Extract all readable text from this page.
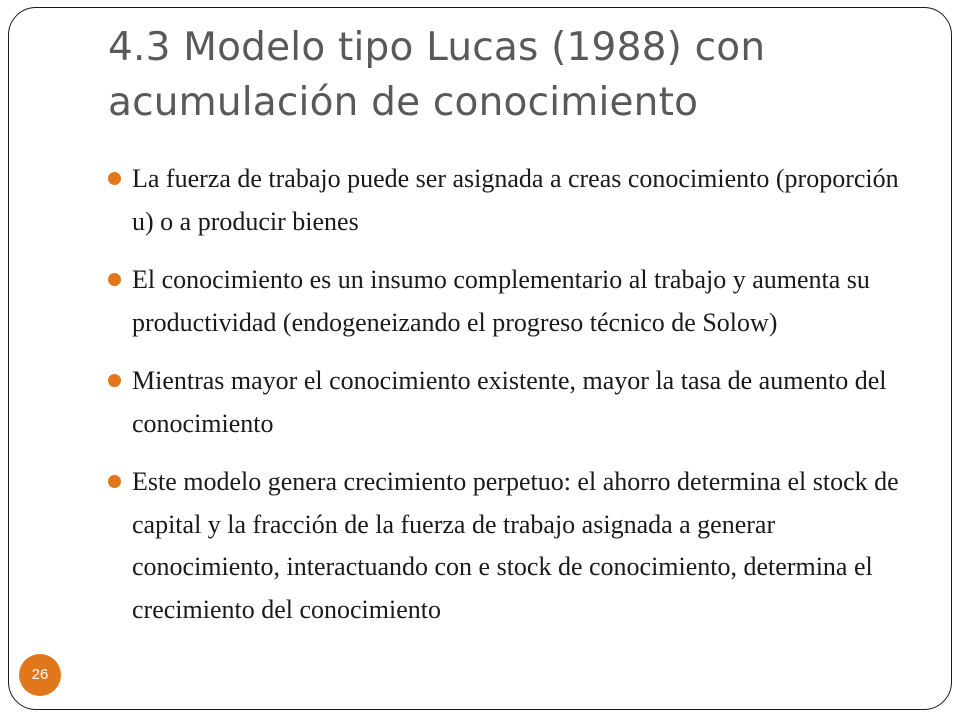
4.3 Modelo tipo Lucas (1988) con acumulación de conocimiento
La fuerza de trabajo puede ser asignada a creas conocimiento (proporción u) o a producir bienes
El conocimiento es un insumo complementario al trabajo y aumenta su productividad (endogeneizando el progreso técnico de Solow)
Mientras mayor el conocimiento existente, mayor la tasa de aumento del conocimiento
Este modelo genera crecimiento perpetuo: el ahorro determina el stock de capital y la fracción de la fuerza de trabajo asignada a generar conocimiento, interactuando con e stock de conocimiento, determina el crecimiento del conocimiento
26
